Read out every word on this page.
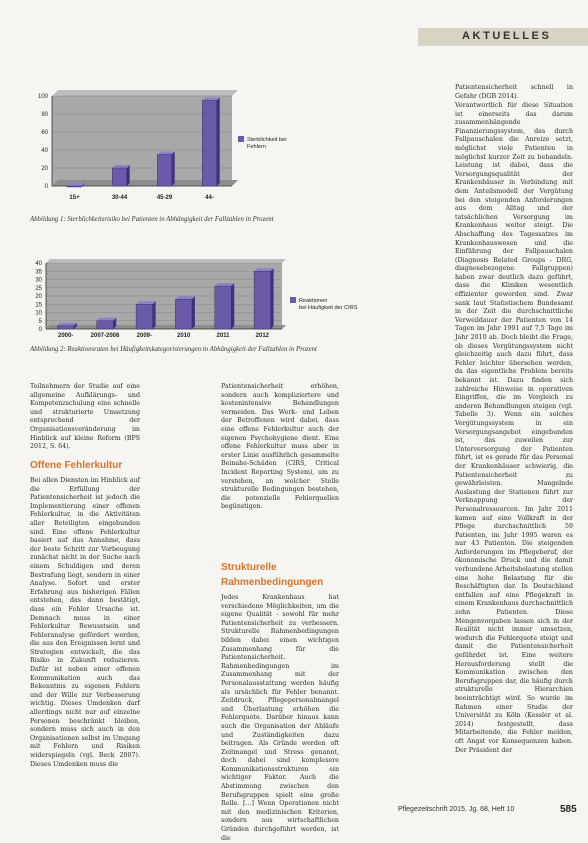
AKTUELLES
0
20
40
60
80
100
15+	30-44	45-29	44-
Sterblichkeit bei
Fehlern
Abbildung 1: Sterblichkeitsrisiko bei Patienten in Abhängigkeit der Fallzahlen in Prozent
0
5
10
15
20
25
30
35
40
2000-	2007-2008	2009-	2010	2011	2012
Reaktionen
bei Häufigkeit der CIRS
Abbildung 2: Reaktionsraten bei Häufigkeitskategorisierungen in Abhängigkeit der Fallzahlen in Prozent
Teilnehmern der Studie auf eine allgemeine Aufklärungs- und Kompetenzschulung eine schnelle und strukturierte Umsetzung entsprechend der Organisationsveränderung im Hinblick auf kleine Reform (BPS 2012, S. 64).
Offene Fehlerkultur
Bei allen Diensten im Hinblick auf die Erfüllung der Patientensicherheit ist jedoch die Implementierung einer offenen Fehlerkultur, in die Aktivitäten aller Beteiligten eingebunden sind. Eine offene Fehlerkultur basiert auf das Annahme, dass der beste Schritt zur Vorbeugung zunächst nicht in der Suche nach einem Schuldigen und deren Bestrafung liegt, sondern in einer Analyse. Sofort und erster Erfahrung aus bisherigen Fällen entstehen, das dann bestätigt, dass ein Fehler Ursache ist. Demnach muss in einer Fehlerkultur Bewusstsein und Fehleranalyse gefördert werden, die aus den Ereignissen lernt und Strategien entwickelt, die das Risiko in Zukunft reduzieren. Dafür ist neben einer offenen Kommunikation auch das Bekenntnis zu eigenen Fehlern und der Wille zur Verbesserung wichtig. Dieses Umdenken darf allerdings nicht nur auf einzelne Personen beschränkt bleiben, sondern muss sich auch in den Organisationen selbst im Umgang mit Fehlern und Risiken widerspiegeln (vgl. Beck 2007). Dieses Umdenken muss die
Patientensicherheit erhöhen, sondern auch kompliziertere und kostenintensive Behandlungen vermeiden. Das Werk- und Leben der Betroffenen wird dabei, dass eine offene Fehlerkultur auch der eigenen Psychohygiene dient. Eine offene Fehlerkultur muss aber in erster Linie ausführlich gesammelte Beinahe-Schäden (CIRS, Critical Incident Reporting System), um zu verstehen, an welcher Stelle strukturelle Bedingungen bestehen, die potenzielle Fehlerquellen begünstigen.
Strukturelle Rahmenbedingungen
Jedes Krankenhaus hat verschiedene Möglichkeiten, um die eigene Qualität - sowohl für mehr Patientensicherheit zu verbessern. Strukturelle Rahmenbedingungen bilden dabei einen wichtigen Zusammenhang für die Patientensicherheit. Rahmenbedingungen im Zusammenhang mit der Personalausstattung werden häufig als ursächlich für Fehler benannt. Zeitdruck, Pflegepersonalmangel und Überlastung erhöhen die Fehlerquote. Darüber hinaus kann auch die Organisation der Abläufe und Zuständigkeiten dazu beitragen. Als Gründe werden oft Zeitmangel und Stress genannt, doch dabei sind komplexere Kommunikationsstrukturen ein wichtiger Faktor. Auch die Abstimmung zwischen den Berufsgruppen spielt eine große Rolle. [...] Wenn Operationen nicht mit den medizinischen Kriterien, sondern aus wirtschaftlichen Gründen durchgeführt werden, ist die
Patientensicherheit schnell in Gefahr (DGB 2014).
Verantwortlich für diese Situation ist einerseits das darum zusammenhängende Finanzierungssystem, das durch Fallpauschalen die Anreize setzt, möglichst viele Patienten in möglichst kurzer Zeit zu behandeln. Leistung ist dabei, dass die Versorgungsqualität der Krankenhäuser in Verbindung mit dem Anteilsmodell der Vergütung bei den steigenden Anforderungen aus dem Alltag und der tatsächlichen Versorgung im Krankenhaus weiter steigt. Die Abschaffung des Tagessatzes im Krankenhauswesen und die Einführung der Fallpauschalen (Diagnosis Related Groups - DRG, diagnosebezogene Fallgruppen) haben zwar deutlich dazu geführt, dass die Kliniken wesentlich effizienter geworden sind. Zwar sank laut Statistischem Bundesamt in der Zeit die durchschnittliche Verweildauer der Patienten von 14 Tagen im Jahr 1991 auf 7,5 Tage im Jahr 2010 ab. Doch bleibt die Frage, ob dieses Vergütungssystem nicht gleichzeitig auch dazu führt, dass Fehler leichter übersehen werden, da das eigentliche Problem bereits bekannt ist. Dazu finden sich zahlreiche Hinweise in operativen Eingriffen, die im Vergleich zu anderen Behandlungen steigen (vgl. Tabelle 3). Wenn ein solches Vergütungssystem in ein Versorgungsangebot eingebunden ist, das zuweilen zur Unterversorgung der Patienten führt, ist es gerade für das Personal der Krankenhäuser schwierig, die Patientensicherheit zu gewährleisten. Mangelnde Auslastung der Stationen führt zur Verknappung der Personalressourcen. Im Jahr 2011 kamen auf eine Vollkraft in der Pflege durchschnittlich 59 Patienten, im Jahr 1995 waren es nur 43 Patienten. Die steigenden Anforderungen im Pflegeberuf, der ökonomische Druck und die damit verbundene Arbeitsbelastung stellen eine hohe Belastung für die Beschäftigten dar. In Deutschland entfallen auf eine Pflegekraft in einem Krankenhaus durchschnittlich zehn Patienten. Diese Mengenvorgaben lassen sich in der Realität nicht immer umsetzen, wodurch die Fehlerquote steigt und damit die Patientensicherheit gefährdet ist. Eine weitere Herausforderung stellt die Kommunikation zwischen den Berufsgruppen dar, die häufig durch strukturelle Hierarchien beeinträchtigt wird. So wurde im Rahmen einer Studie der Universität zu Köln (Kessler et al. 2014) festgestellt, dass Mitarbeitende, die Fehler melden, oft Angst vor Konsequenzen haben. Der Präsident der
Pflegezeitschrift 2015, Jg. 68, Heft 10	585
